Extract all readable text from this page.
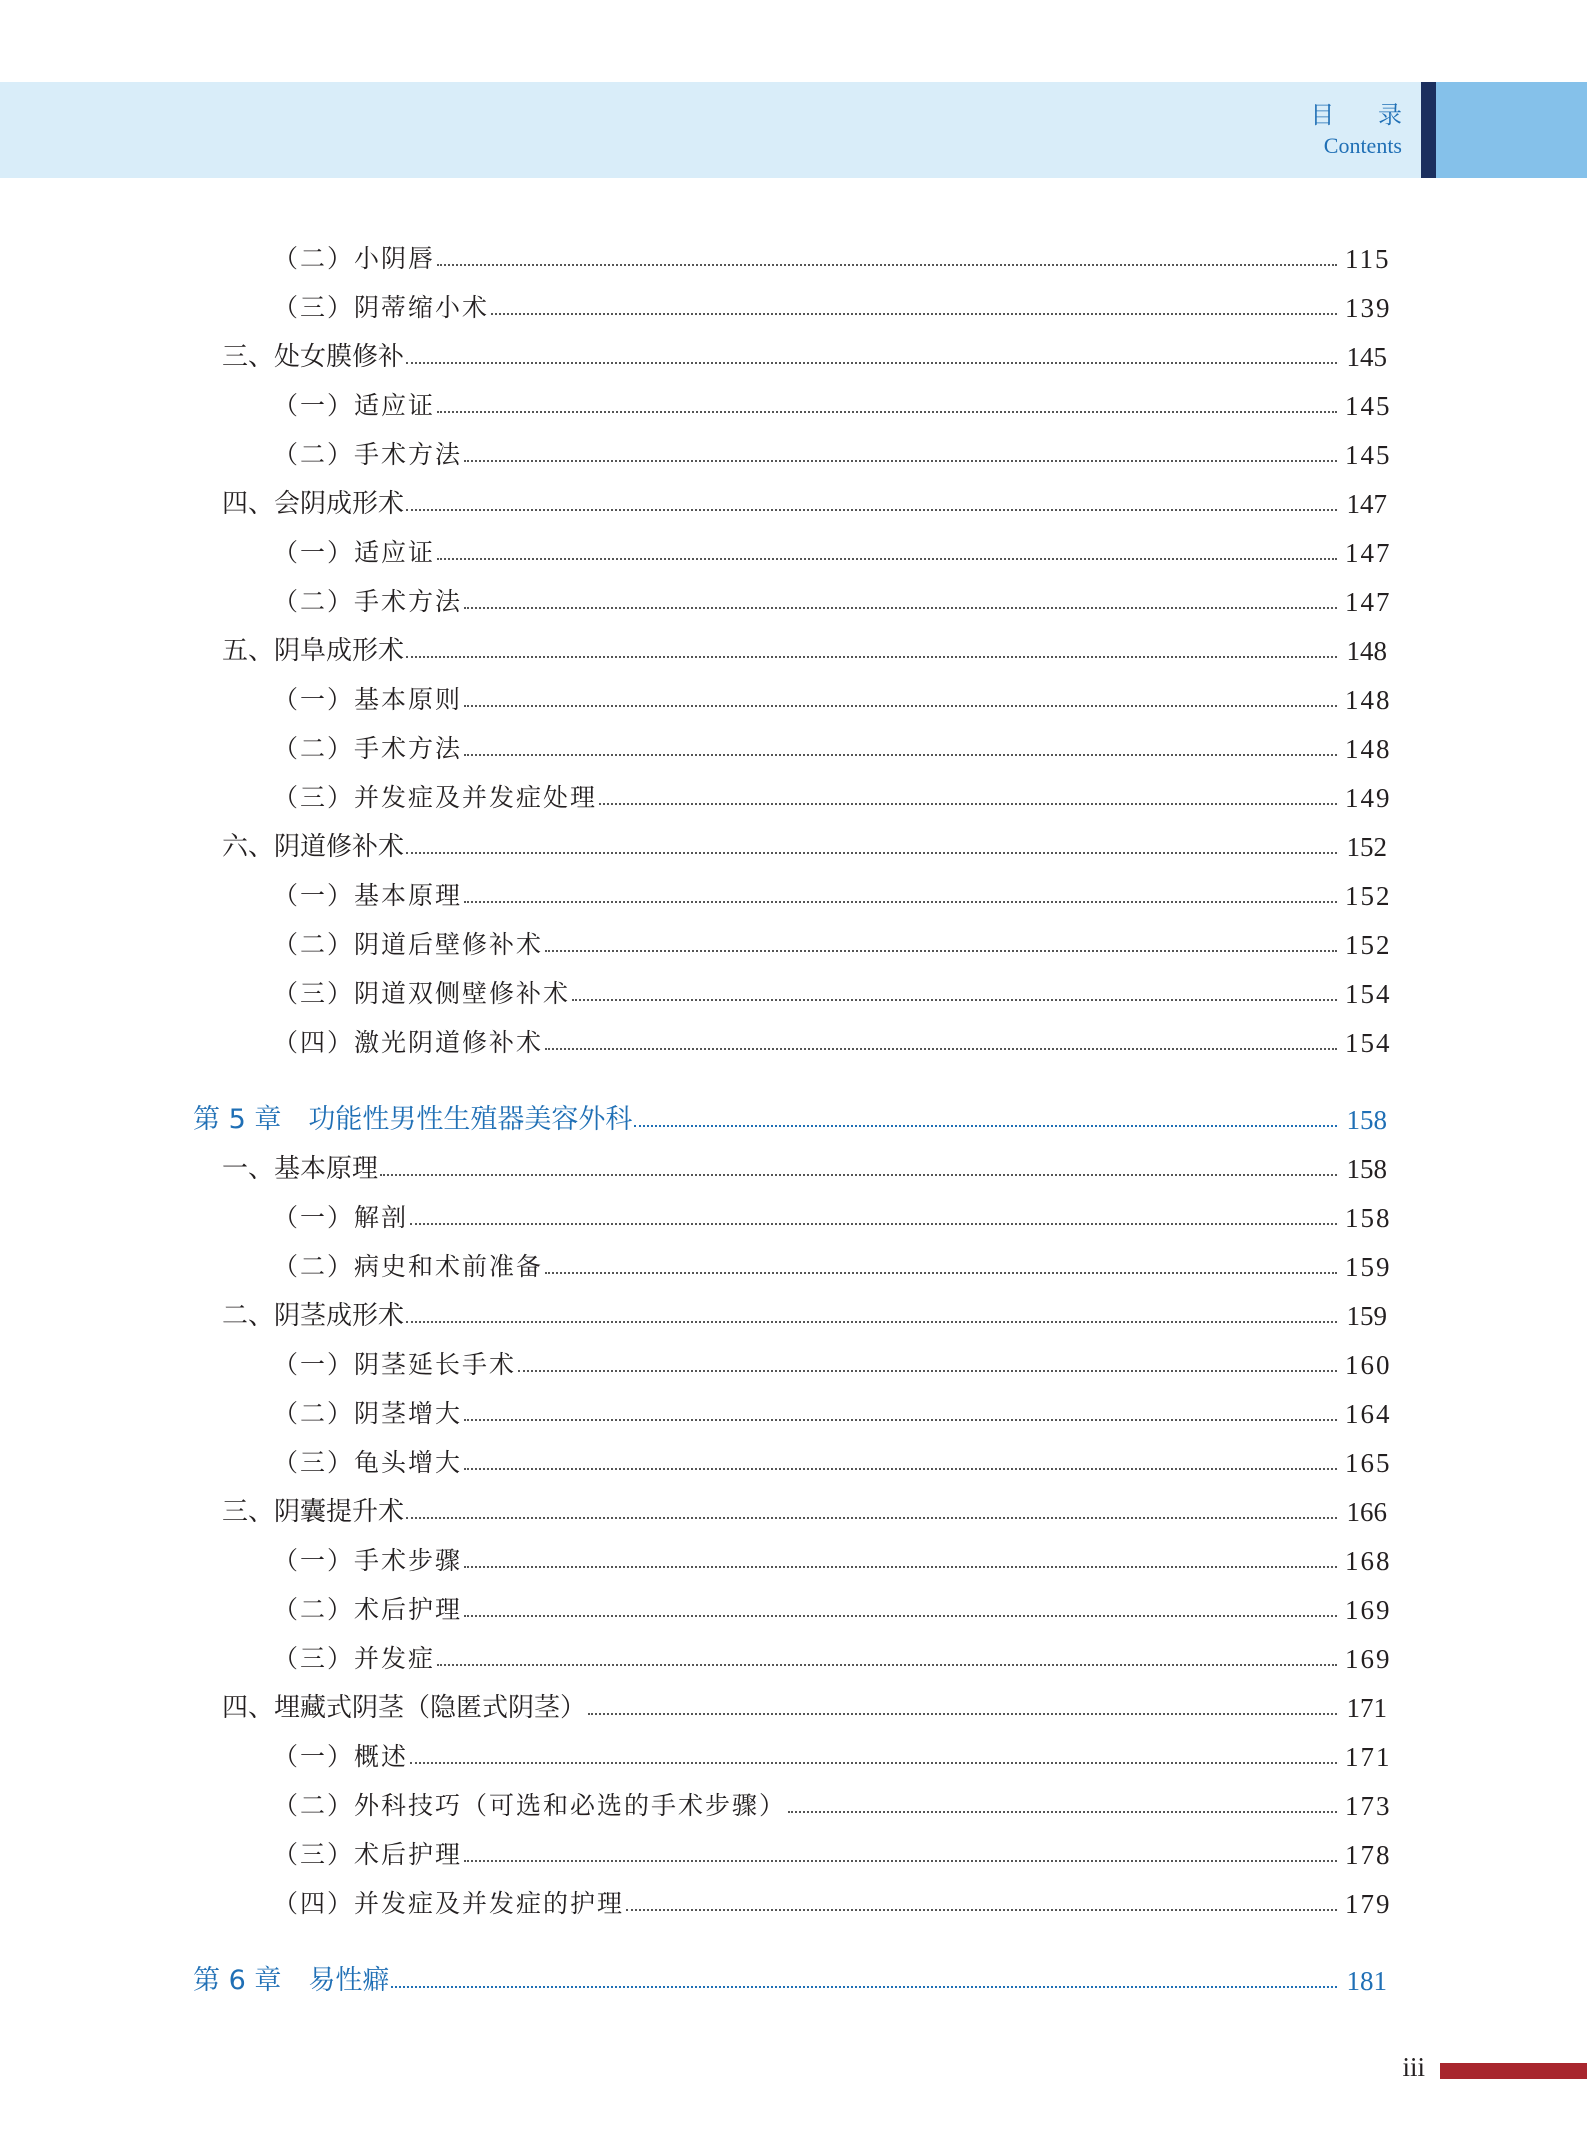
目 录
Contents
（二）小阴唇	115
（三）阴蒂缩小术	139
三、处女膜修补	145
（一）适应证	145
（二）手术方法	145
四、会阴成形术	147
（一）适应证	147
（二）手术方法	147
五、阴阜成形术	148
（一）基本原则	148
（二）手术方法	148
（三）并发症及并发症处理	149
六、阴道修补术	152
（一）基本原理	152
（二）阴道后壁修补术	152
（三）阴道双侧壁修补术	154
（四）激光阴道修补术	154
第 5 章　功能性男性生殖器美容外科	158
一、基本原理	158
（一）解剖	158
（二）病史和术前准备	159
二、阴茎成形术	159
（一）阴茎延长手术	160
（二）阴茎增大	164
（三）龟头增大	165
三、阴囊提升术	166
（一）手术步骤	168
（二）术后护理	169
（三）并发症	169
四、埋藏式阴茎（隐匿式阴茎）	171
（一）概述	171
（二）外科技巧（可选和必选的手术步骤）	173
（三）术后护理	178
（四）并发症及并发症的护理	179
第 6 章　易性癖	181
iii
